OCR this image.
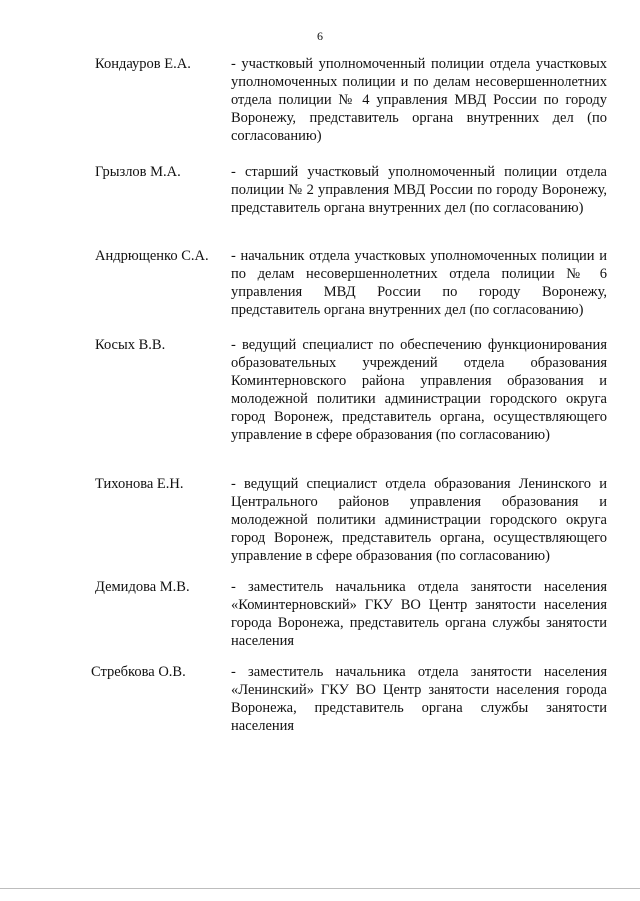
6
Кондауров Е.А.	- участковый уполномоченный полиции отдела участковых уполномоченных полиции и по делам несовершеннолетних отдела полиции № 4 управления МВД России по городу Воронежу, представитель органа внутренних дел (по согласованию)

Грызлов М.А.	- старший участковый уполномоченный полиции отдела полиции № 2 управления МВД России по городу Воронежу, представитель органа внутренних дел (по согласованию)

Андрющенко С.А. - начальник отдела участковых уполномоченных полиции и по делам несовершеннолетних отдела полиции № 6 управления МВД России по городу Воронежу, представитель органа внутренних дел (по согласованию)

Косых В.В.	- ведущий специалист по обеспечению функционирования образовательных учреждений отдела образования Коминтерновского района управления образования и молодежной политики администрации городского округа город Воронеж, представитель органа, осуществляющего управление в сфере образования (по согласованию)

Тихонова Е.Н.	- ведущий специалист отдела образования Ленинского и Центрального районов управления образования и молодежной политики администрации городского округа город Воронеж, представитель органа, осуществляющего управление в сфере образования (по согласованию)

Демидова М.В.	- заместитель начальника отдела занятости населения «Коминтерновский» ГКУ ВО Центр занятости населения города Воронежа, представитель органа службы занятости населения

Стребкова О.В.	- заместитель начальника отдела занятости населения «Ленинский» ГКУ ВО Центр занятости населения города Воронежа, представитель органа службы занятости населения
